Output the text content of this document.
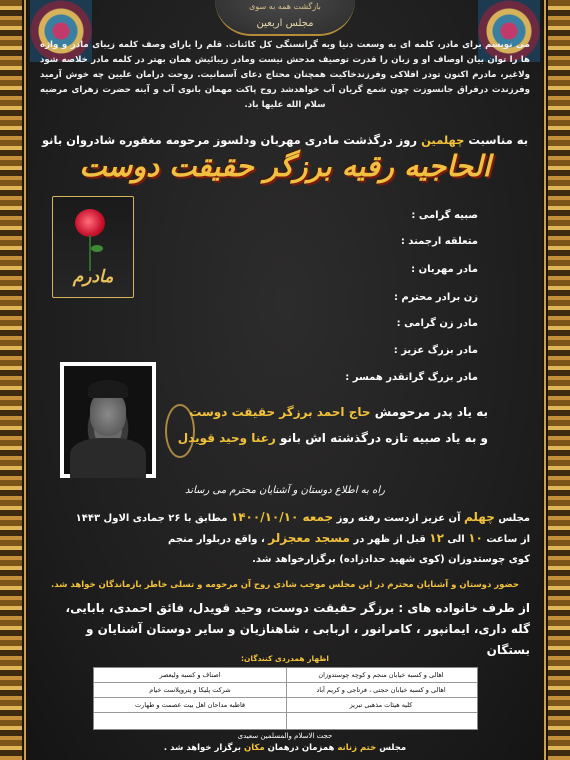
بازگشت همه به سوی
مجلس اربعین
می نویسم برای مادر، کلمه ای به وسعت دنیا وبه گرانسنگی کل کائنات. قلم را یارای وصف کلمه زیبای مادر و واژه ها را توان بیان اوصاف او و زبان را قدرت توصیف مدحش نیست ومادر زیبائیش همان بهتر در کلمه مادر خلاصه شود ولاغیر، مادرم اکنون تودر افلاکی وفرزندخاکیت همچنان محتاج دعای آسمانیت. روحت درامان علیین چه خوش آرمید وفرزندت درفراق جانسوزت چون شمع گریان آب خواهدشد روح پاکت مهمان بانوی آب و آینه حضرت زهرای مرضیه سلام الله علیها باد.
به مناسبت چهلمین روز درگذشت مادری مهربان ودلسوز مرحومه مغفوره شادروان بانو
الحاجیه رقیه برزگر حقیقت دوست
مادرم
صبیه گرامی :
متعلقه ارجمند :
مادر مهربان :
زن برادر محترم :
مادر زن گرامی :
مادر بزرگ عزیز :
مادر بزرگ گرانقدر همسر :
به یاد پدر مرحومش حاج احمد برزگر حقیقت دوست
و به یاد صبیه تازه درگذشته اش بانو رعنا وحید قویدل
راه به اطلاع دوستان و آشنایان محترم می رساند
مجلس چهلم آن عزیز ازدست رفته روز جمعه ۱۴۰۰/۱۰/۱۰ مطابق با ۲۶ جمادی الاول ۱۴۴۳
از ساعت ۱۰ الی ۱۲ قبل از ظهر در مسجد معجزلر ، واقع دربلوار منجم
کوی چوستدوزان (کوی شهید حدادزاده) برگزارخواهد شد.
حضور دوستان و آشنایان محترم در این مجلس موجب شادی روح آن مرحومه و تسلی خاطر بازماندگان خواهد شد.
از طرف خانواده های : برزگر حقیقت دوست، وحید قویدل، فائق احمدی، بابایی،
گله داری، ایمانپور ، کامرانور ، اربابی ، شاهنازیان و سایر دوستان آشنایان و بستگان
اظهار همدردی کنندگان:
اهالی و کسبه خیابان منجم و کوچه چوستدوزان
اصناف و کسبه ولیعصر
اهالی و کسبه خیابان حجتی ، فرتاجی و کریم آباد
شرکت پلیکا و پتروپلاست خیام
کلیه هیئات مذهبی تبریز
قاطبه مداحان اهل بیت عصمت و طهارت
حجت الاسلام والمسلمین سعیدی
مجلس ختم زنانه همزمان درهمان مکان برگزار خواهد شد .
